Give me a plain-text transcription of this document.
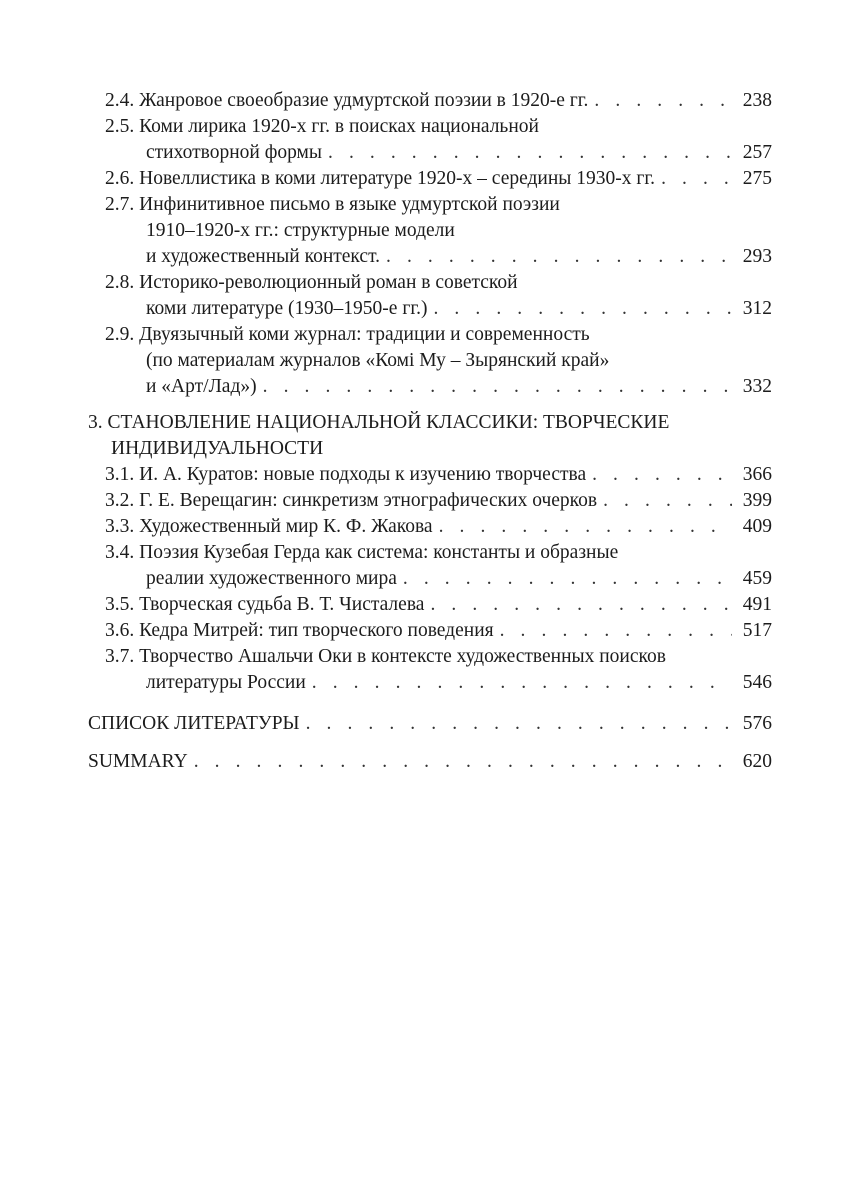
2.4. Жанровое своеобразие удмуртской поэзии в 1920-е гг. . . .	238
2.5. Коми лирика 1920-х гг. в поисках национальной
стихотворной формы . . .	257
2.6. Новеллистика в коми литературе 1920-х – середины 1930-х гг. . . .	275
2.7. Инфинитивное письмо в языке удмуртской поэзии
1910–1920-х гг.: структурные модели
и художественный контекст. . . .	293
2.8. Историко-революционный роман в советской
коми литературе (1930–1950-е гг.) . . .	312
2.9. Двуязычный коми журнал: традиции и современность
(по материалам журналов «Комі Му – Зырянский край»
и «Арт/Лад») . . .	332
3. СТАНОВЛЕНИЕ НАЦИОНАЛЬНОЙ КЛАССИКИ: ТВОРЧЕСКИЕ
ИНДИВИДУАЛЬНОСТИ
3.1. И. А. Куратов: новые подходы к изучению творчества . . .	366
3.2. Г. Е. Верещагин: синкретизм этнографических очерков . . .	399
3.3. Художественный мир К. Ф. Жакова . . .	409
3.4. Поэзия Кузебая Герда как система: константы и образные
реалии художественного мира . . .	459
3.5. Творческая судьба В. Т. Чисталева . . .	491
3.6. Кедра Митрей: тип творческого поведения . . .	517
3.7. Творчество Ашальчи Оки в контексте художественных поисков
литературы России . . .	546
СПИСОК ЛИТЕРАТУРЫ . . .	576
SUMMARY . . .	620
